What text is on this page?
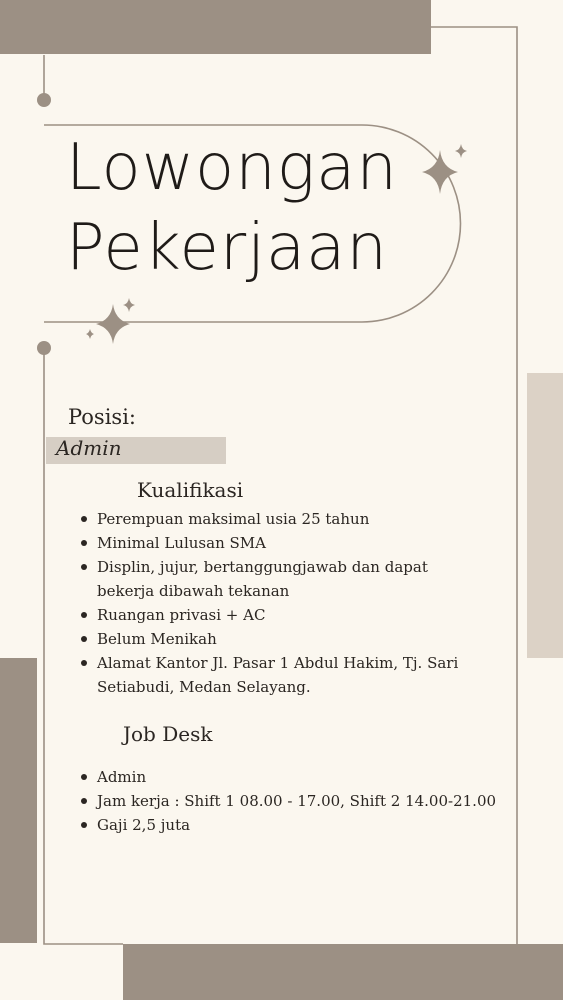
Lowongan
Pekerjaan
Posisi:
Admin
Kualifikasi
Perempuan maksimal usia 25 tahun
Minimal Lulusan SMA
Displin, jujur, bertanggungjawab dan dapat bekerja dibawah tekanan
Ruangan privasi + AC
Belum Menikah
Alamat Kantor Jl. Pasar 1 Abdul Hakim, Tj. Sari Setiabudi, Medan Selayang.
Job Desk
Admin
Jam kerja : Shift 1 08.00 - 17.00, Shift 2 14.00-21.00
Gaji 2,5 juta
